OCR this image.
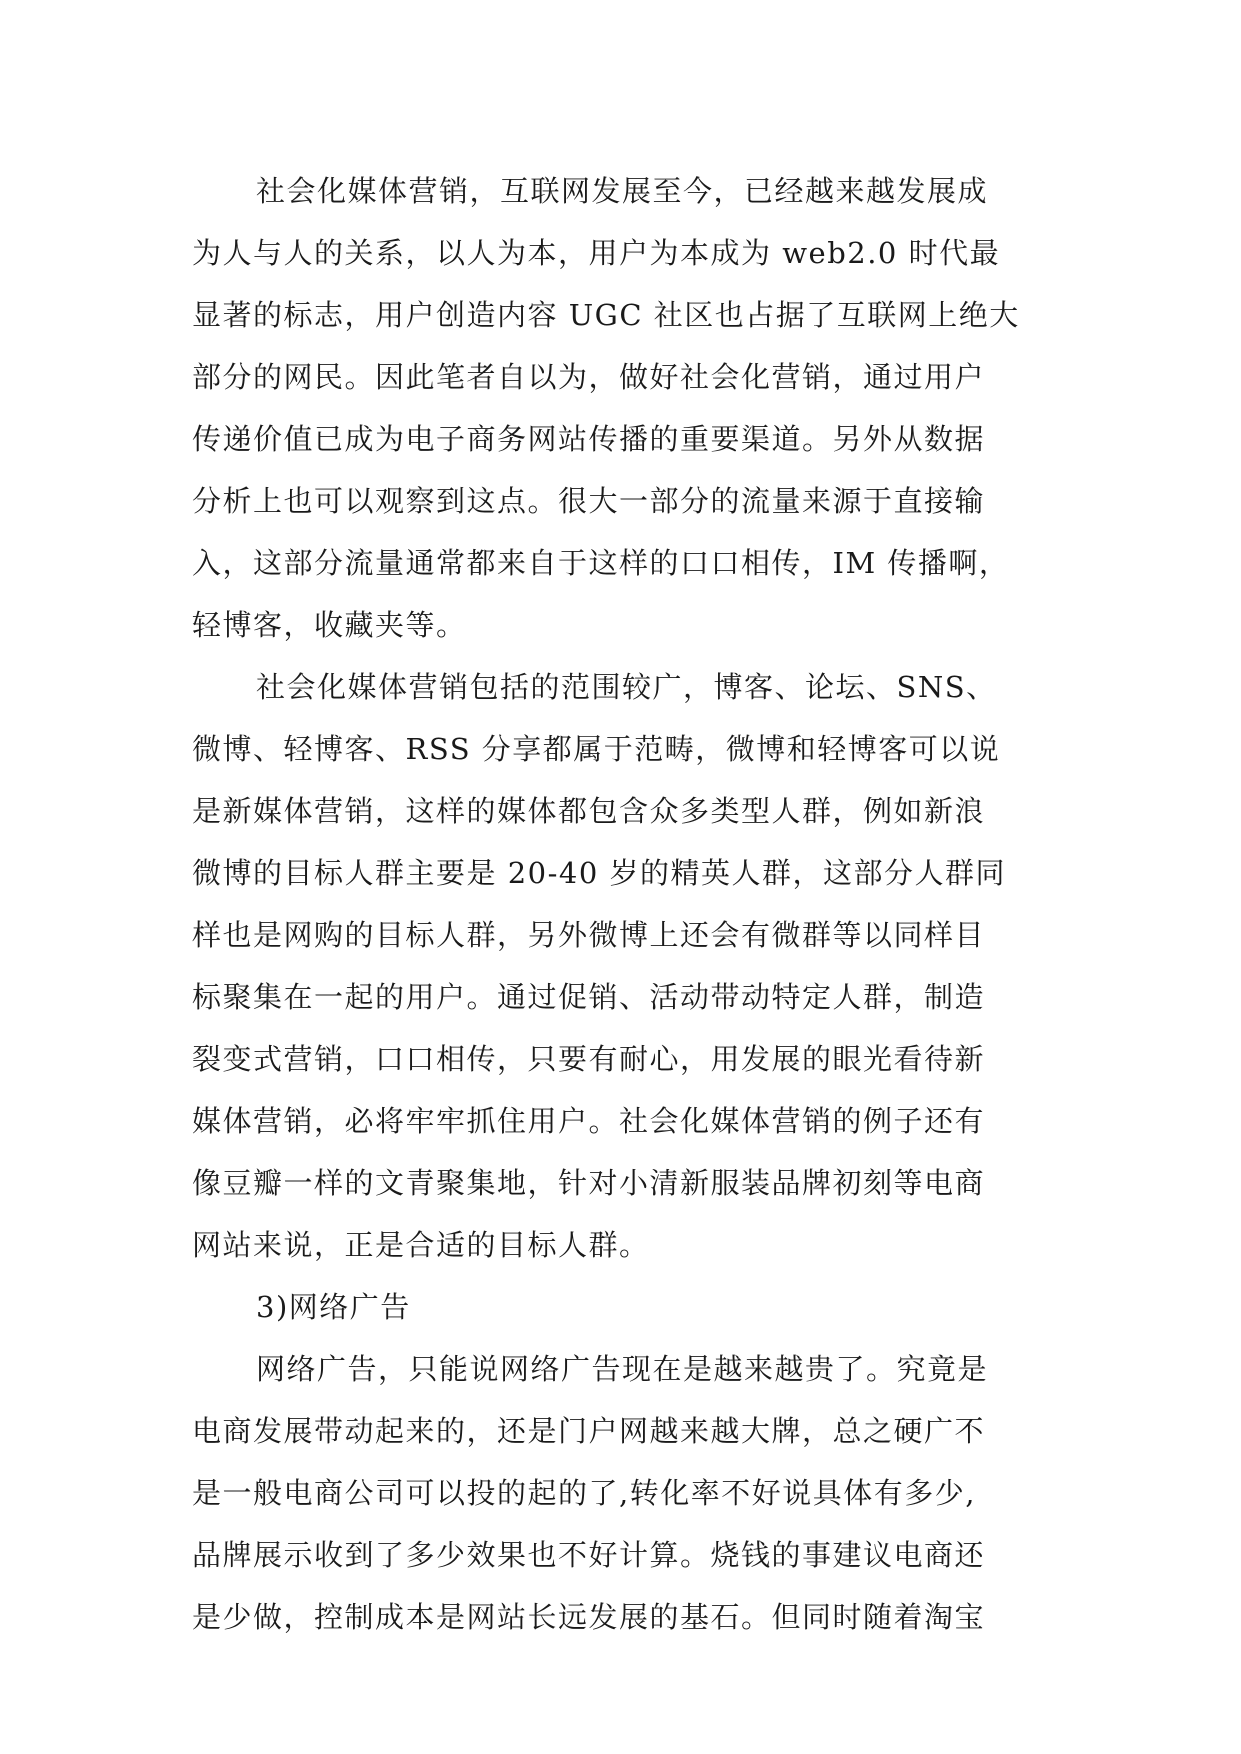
社会化媒体营销，互联网发展至今，已经越来越发展成
为人与人的关系，以人为本，用户为本成为 web2.0 时代最
显著的标志，用户创造内容 UGC 社区也占据了互联网上绝大
部分的网民。因此笔者自以为，做好社会化营销，通过用户
传递价值已成为电子商务网站传播的重要渠道。另外从数据
分析上也可以观察到这点。很大一部分的流量来源于直接输
入，这部分流量通常都来自于这样的口口相传，IM 传播啊，
轻博客，收藏夹等。
社会化媒体营销包括的范围较广，博客、论坛、SNS、
微博、轻博客、RSS 分享都属于范畴，微博和轻博客可以说
是新媒体营销，这样的媒体都包含众多类型人群，例如新浪
微博的目标人群主要是 20-40 岁的精英人群，这部分人群同
样也是网购的目标人群，另外微博上还会有微群等以同样目
标聚集在一起的用户。通过促销、活动带动特定人群，制造
裂变式营销，口口相传，只要有耐心，用发展的眼光看待新
媒体营销，必将牢牢抓住用户。社会化媒体营销的例子还有
像豆瓣一样的文青聚集地，针对小清新服装品牌初刻等电商
网站来说，正是合适的目标人群。
3)网络广告
网络广告，只能说网络广告现在是越来越贵了。究竟是
电商发展带动起来的，还是门户网越来越大牌，总之硬广不
是一般电商公司可以投的起的了,转化率不好说具体有多少,
品牌展示收到了多少效果也不好计算。烧钱的事建议电商还
是少做，控制成本是网站长远发展的基石。但同时随着淘宝
